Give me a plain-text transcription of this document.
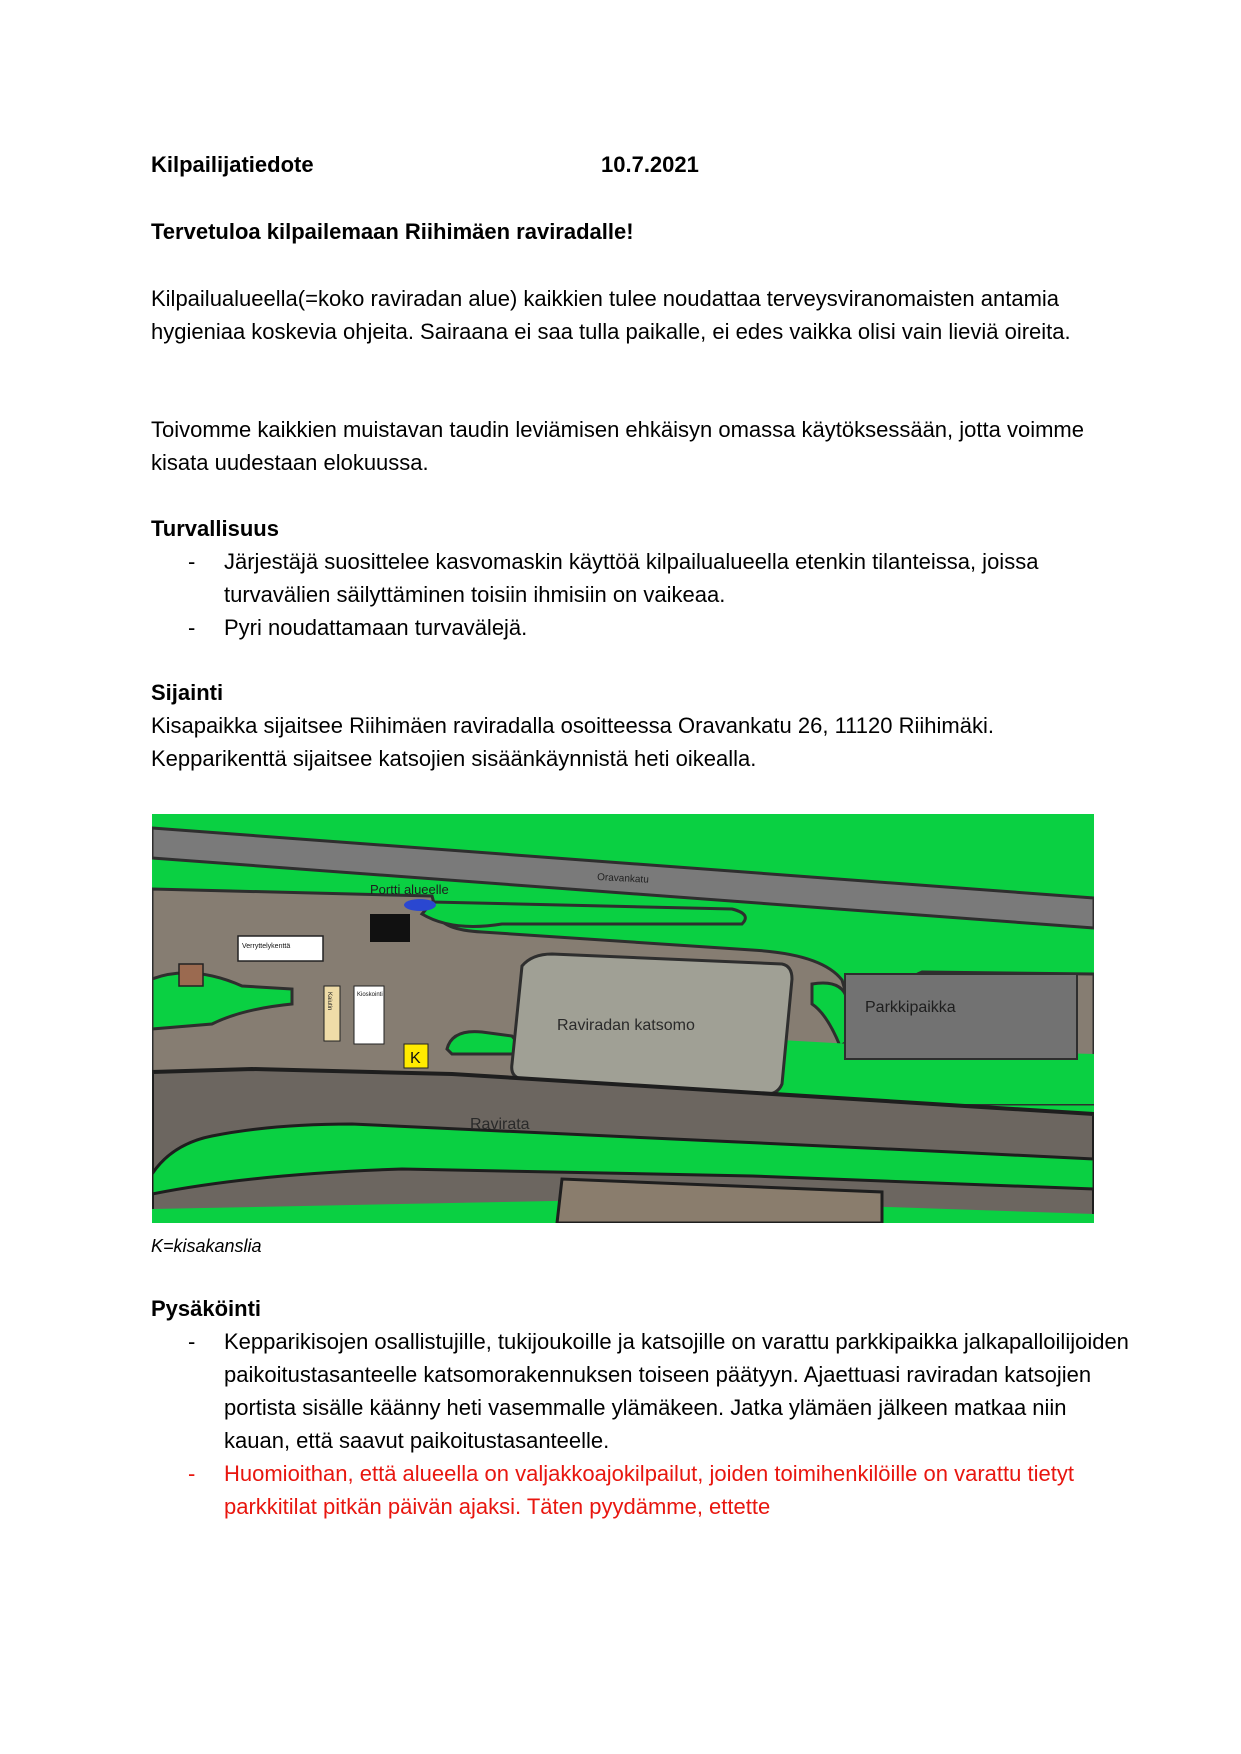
Kilpailijatiedote	10.7.2021

Tervetuloa kilpailemaan Riihimäen raviradalle!

Kilpailualueella(=koko raviradan alue) kaikkien tulee noudattaa terveysviranomaisten antamia hygieniaa koskevia ohjeita. Sairaana ei saa tulla paikalle, ei edes vaikka olisi vain lieviä oireita.

Toivomme kaikkien muistavan taudin leviämisen ehkäisyn omassa käytöksessään, jotta voimme kisata uudestaan elokuussa.

Turvallisuus

- Järjestäjä suosittelee kasvomaskin käyttöä kilpailualueella etenkin tilanteissa, joissa turvavälien säilyttäminen toisiin ihmisiin on vaikeaa.
- Pyri noudattamaan turvavälejä.

Sijainti

Kisapaikka sijaitsee Riihimäen raviradalla osoitteessa Oravankatu 26, 11120 Riihimäki. Kepparikenttä sijaitsee katsojien sisäänkäynnistä heti oikealla.

Raviradan katsomo
Parkkipaikka
Ravirata
Oravankatu
Portti alueelle
Verryttelykenttä
Kaiutin	Kioskointi
K

K=kisakanslia

Pysäköinti

- Kepparikisojen osallistujille, tukijoukoille ja katsojille on varattu parkkipaikka jalkapalloilijoiden paikoitustasanteelle katsomorakennuksen toiseen päätyyn. Ajaettuasi raviradan katsojien portista sisälle käänny heti vasemmalle ylämäkeen. Jatka ylämäen jälkeen matkaa niin kauan, että saavut paikoitustasanteelle.
- Huomioithan, että alueella on valjakkoajokilpailut, joiden toimihenkilöille on varattu tietyt parkkitilat pitkän päivän ajaksi. Täten pyydämme, ettette
